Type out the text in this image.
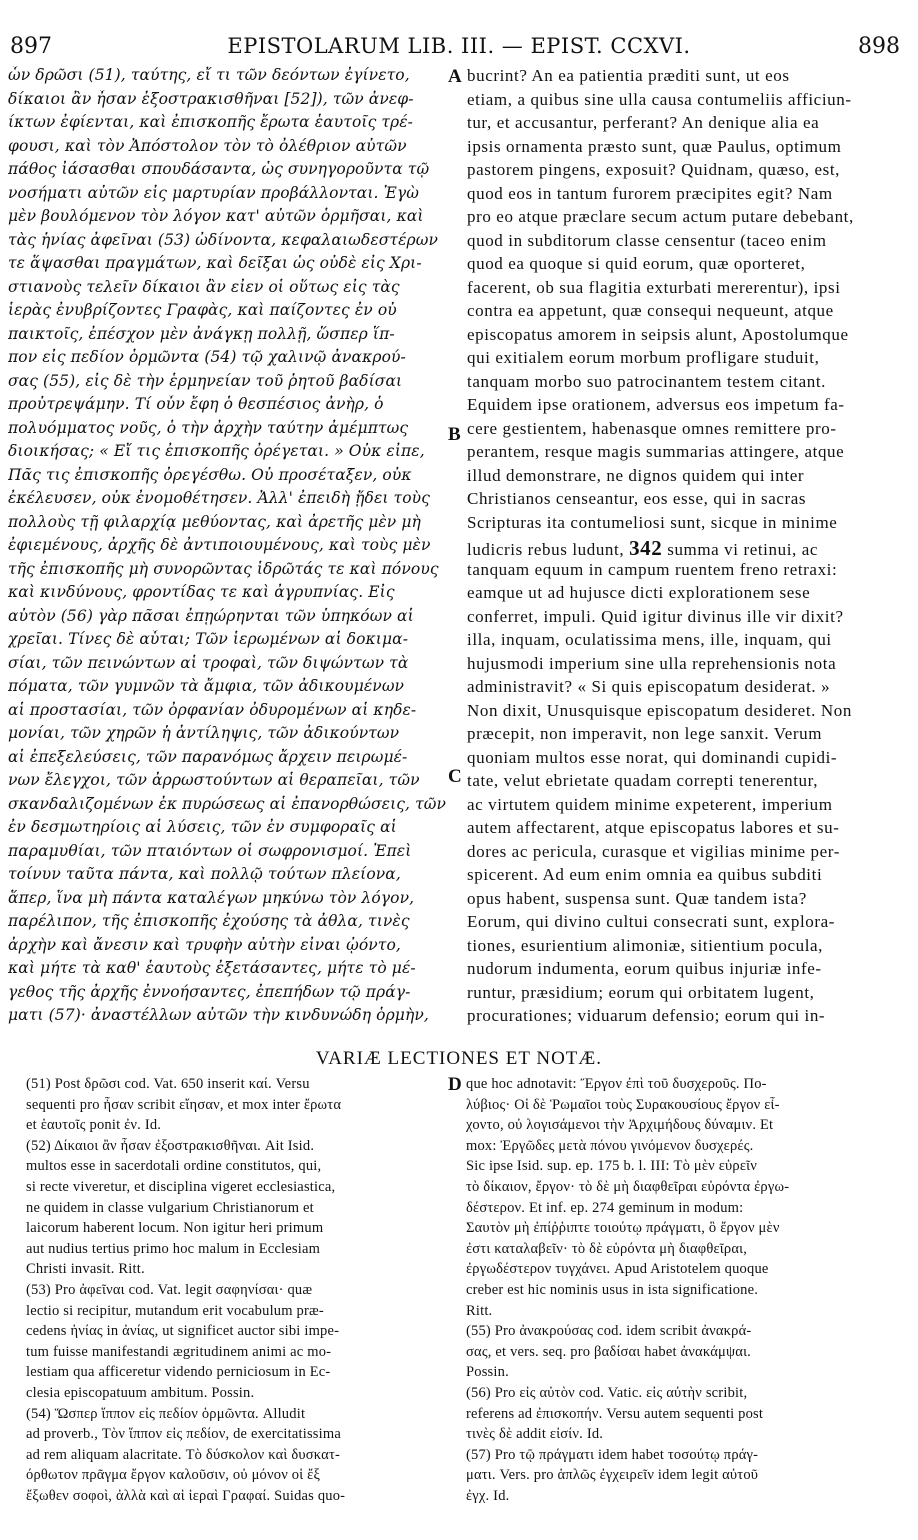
897	EPISTOLARUM LIB. III. — EPIST. CCXVI.	898
ὧν δρῶσι (51), ταύτης, εἴ τι τῶν δεόντων ἐγίνετο,
δίκαιοι ἂν ἦσαν ἐξοστρακισθῆναι [52]), τῶν ἀνεφ-
ίκτων ἐφίενται, καὶ ἐπισκοπῆς ἔρωτα ἑαυτοῖς τρέ-
φουσι, καὶ τὸν Ἀπόστολον τὸν τὸ ὀλέθριον αὐτῶν
πάθος ἰάσασθαι σπουδάσαντα, ὡς συνηγοροῦντα τῷ
νοσήματι αὐτῶν εἰς μαρτυρίαν προβάλλονται. Ἐγὼ
μὲν βουλόμενον τὸν λόγον κατ' αὐτῶν ὁρμῆσαι, καὶ
τὰς ἡνίας ἀφεῖναι (53) ὠδίνοντα, κεφαλαιωδεστέρων
τε ἅψασθαι πραγμάτων, καὶ δεῖξαι ὡς οὐδὲ εἰς Χρι-
στιανοὺς τελεῖν δίκαιοι ἂν εἶεν οἱ οὕτως εἰς τὰς
ἱερὰς ἐνυβρίζοντες Γραφὰς, καὶ παίζοντες ἐν οὐ
παικτοῖς, ἐπέσχον μὲν ἀνάγκῃ πολλῇ, ὥσπερ ἵπ-
πον εἰς πεδίον ὁρμῶντα (54) τῷ χαλινῷ ἀνακρού-
σας (55), εἰς δὲ τὴν ἑρμηνείαν τοῦ ῥητοῦ βαδίσαι
προὐτρεψάμην. Τί οὖν ἔφη ὁ θεσπέσιος ἀνὴρ, ὁ
πολυόμματος νοῦς, ὁ τὴν ἀρχὴν ταύτην ἀμέμπτως
διοικήσας; « Εἴ τις ἐπισκοπῆς ὀρέγεται. » Οὐκ εἶπε,
Πᾶς τις ἐπισκοπῆς ὀρεγέσθω. Οὐ προσέταξεν, οὐκ
ἐκέλευσεν, οὐκ ἐνομοθέτησεν. Ἀλλ' ἐπειδὴ ᾔδει τοὺς
πολλοὺς τῇ φιλαρχίᾳ μεθύοντας, καὶ ἀρετῆς μὲν μὴ
ἐφιεμένους, ἀρχῆς δὲ ἀντιποιουμένους, καὶ τοὺς μὲν
τῆς ἐπισκοπῆς μὴ συνορῶντας ἱδρῶτάς τε καὶ πόνους
καὶ κινδύνους, φροντίδας τε καὶ ἀγρυπνίας. Εἰς
αὐτὸν (56) γὰρ πᾶσαι ἐπῃώρηνται τῶν ὑπηκόων αἱ
χρεῖαι. Τίνες δὲ αὗται; Τῶν ἱερωμένων αἱ δοκιμα-
σίαι, τῶν πεινώντων αἱ τροφαὶ, τῶν διψώντων τὰ
πόματα, τῶν γυμνῶν τὰ ἄμφια, τῶν ἀδικουμένων
αἱ προστασίαι, τῶν ὀρφανίαν ὀδυρομένων αἱ κηδε-
μονίαι, τῶν χηρῶν ἡ ἀντίληψις, τῶν ἀδικούντων
αἱ ἐπεξελεύσεις, τῶν παρανόμως ἄρχειν πειρωμέ-
νων ἔλεγχοι, τῶν ἀρρωστούντων αἱ θεραπεῖαι, τῶν
σκανδαλιζομένων ἐκ πυρώσεως αἱ ἐπανορθώσεις, τῶν
ἐν δεσμωτηρίοις αἱ λύσεις, τῶν ἐν συμφοραῖς αἱ
παραμυθίαι, τῶν πταιόντων οἱ σωφρονισμοί. Ἐπεὶ
τοίνυν ταῦτα πάντα, καὶ πολλῷ τούτων πλείονα,
ἅπερ, ἵνα μὴ πάντα καταλέγων μηκύνω τὸν λόγον,
παρέλιπον, τῆς ἐπισκοπῆς ἐχούσης τὰ ἆθλα, τινὲς
ἀρχὴν καὶ ἄνεσιν καὶ τρυφὴν αὐτὴν εἶναι ᾠόντο,
καὶ μήτε τὰ καθ' ἑαυτοὺς ἐξετάσαντες, μήτε τὸ μέ-
γεθος τῆς ἀρχῆς ἐννοήσαντες, ἐπεπήδων τῷ πράγ-
ματι (57)· ἀναστέλλων αὐτῶν τὴν κινδυνώδη ὁρμὴν,
bucrint? An ea patientia præditi sunt, ut eos
etiam, a quibus sine ulla causa contumeliis afficiun-
tur, et accusantur, perferant? An denique alia ea
ipsis ornamenta præsto sunt, quæ Paulus, optimum
pastorem pingens, exposuit? Quidnam, quæso, est,
quod eos in tantum furorem præcipites egit? Nam
pro eo atque præclare secum actum putare debebant,
quod in subditorum classe censentur (taceo enim
quod ea quoque si quid eorum, quæ oporteret,
facerent, ob sua flagitia exturbati mererentur), ipsi
contra ea appetunt, quæ consequi nequeunt, atque
episcopatus amorem in seipsis alunt, Apostolumque
qui exitialem eorum morbum profligare studuit,
tanquam morbo suo patrocinantem testem citant.
Equidem ipse orationem, adversus eos impetum fa-
cere gestientem, habenasque omnes remittere pro-
perantem, resque magis summarias attingere, atque
illud demonstrare, ne dignos quidem qui inter
Christianos censeantur, eos esse, qui in sacras
Scripturas ita contumeliosi sunt, sicque in minime
ludicris rebus ludunt, 342 summa vi retinui, ac
tanquam equum in campum ruentem freno retraxi:
eamque ut ad hujusce dicti explorationem sese
conferret, impuli. Quid igitur divinus ille vir dixit?
illa, inquam, oculatissima mens, ille, inquam, qui
hujusmodi imperium sine ulla reprehensionis nota
administravit? « Si quis episcopatum desiderat. »
Non dixit, Unusquisque episcopatum desideret. Non
præcepit, non imperavit, non lege sanxit. Verum
quoniam multos esse norat, qui dominandi cupidi-
tate, velut ebrietate quadam correpti tenerentur,
ac virtutem quidem minime expeterent, imperium
autem affectarent, atque episcopatus labores et su-
dores ac pericula, curasque et vigilias minime per-
spicerent. Ad eum enim omnia ea quibus subditi
opus habent, suspensa sunt. Quæ tandem ista?
Eorum, qui divino cultui consecrati sunt, explora-
tiones, esurientium alimoniæ, sitientium pocula,
nudorum indumenta, eorum quibus injuriæ infe-
runtur, præsidium; eorum qui orbitatem lugent,
procurationes; viduarum defensio; eorum qui in-
A
B
C
D
VARIÆ LECTIONES ET NOTÆ.
(51) Post δρῶσι cod. Vat. 650 inserit καί. Versu
sequenti pro ἦσαν scribit εἴησαν, et mox inter ἔρωτα
et ἑαυτοῖς ponit ἐν. Id.
(52) Δίκαιοι ἂν ἦσαν ἐξοστρακισθῆναι. Ait Isid.
multos esse in sacerdotali ordine constitutos, qui,
si recte viveretur, et disciplina vigeret ecclesiastica,
ne quidem in classe vulgarium Christianorum et
laicorum haberent locum. Non igitur heri primum
aut nudius tertius primo hoc malum in Ecclesiam
Christi invasit. Ritt.
(53) Pro ἀφεῖναι cod. Vat. legit σαφηνίσαι· quæ
lectio si recipitur, mutandum erit vocabulum præ-
cedens ἡνίας in ἀνίας, ut significet auctor sibi impe-
tum fuisse manifestandi ægritudinem animi ac mo-
lestiam qua afficeretur videndo perniciosum in Ec-
clesia episcopatuum ambitum. Possin.
(54) Ὥσπερ ἵππον εἰς πεδίον ὁρμῶντα. Alludit
ad proverb., Τὸν ἵππον εἰς πεδίον, de exercitatissima
ad rem aliquam alacritate. Τὸ δύσκολον καὶ δυσκατ-
όρθωτον πρᾶγμα ἔργον καλοῦσιν, οὐ μόνον οἱ ἔξ
ἔξωθεν σοφοὶ, ἀλλὰ καὶ αἱ ἱεραὶ Γραφαί. Suidas quo-
que hoc adnotavit: Ἔργον ἐπὶ τοῦ δυσχεροῦς. Πο-
λύβιος· Οἱ δὲ Ῥωμαῖοι τοὺς Συρακουσίους ἔργον εἶ-
χοντο, οὐ λογισάμενοι τὴν Ἀρχιμήδους δύναμιν. Et
mox: Ἐργῶδες μετὰ πόνου γινόμενον δυσχερές.
Sic ipse Isid. sup. ep. 175 b. l. III: Τὸ μὲν εὑρεῖν
τὸ δίκαιον, ἔργον· τὸ δὲ μὴ διαφθεῖραι εὑρόντα ἐργω-
δέστερον. Et inf. ep. 274 geminum in modum:
Σαυτὸν μὴ ἐπίῤῥιπτε τοιούτῳ πράγματι, ὃ ἔργον μὲν
ἐστι καταλαβεῖν· τὸ δὲ εὑρόντα μὴ διαφθεῖραι,
ἐργωδέστερον τυγχάνει. Apud Aristotelem quoque
creber est hic nominis usus in ista significatione.
Ritt.
(55) Pro ἀνακρούσας cod. idem scribit ἀνακρά-
σας, et vers. seq. pro βαδίσαι habet ἀνακάμψαι.
Possin.
(56) Pro εἰς αὐτὸν cod. Vatic. εἰς αὐτὴν scribit,
referens ad ἐπισκοπήν. Versu autem sequenti post
τινὲς δὲ addit εἰσίν. Id.
(57) Pro τῷ πράγματι idem habet τοσούτῳ πράγ-
ματι. Vers. pro ἁπλῶς ἐγχειρεῖν idem legit αὐτοῦ
ἐγχ. Id.
